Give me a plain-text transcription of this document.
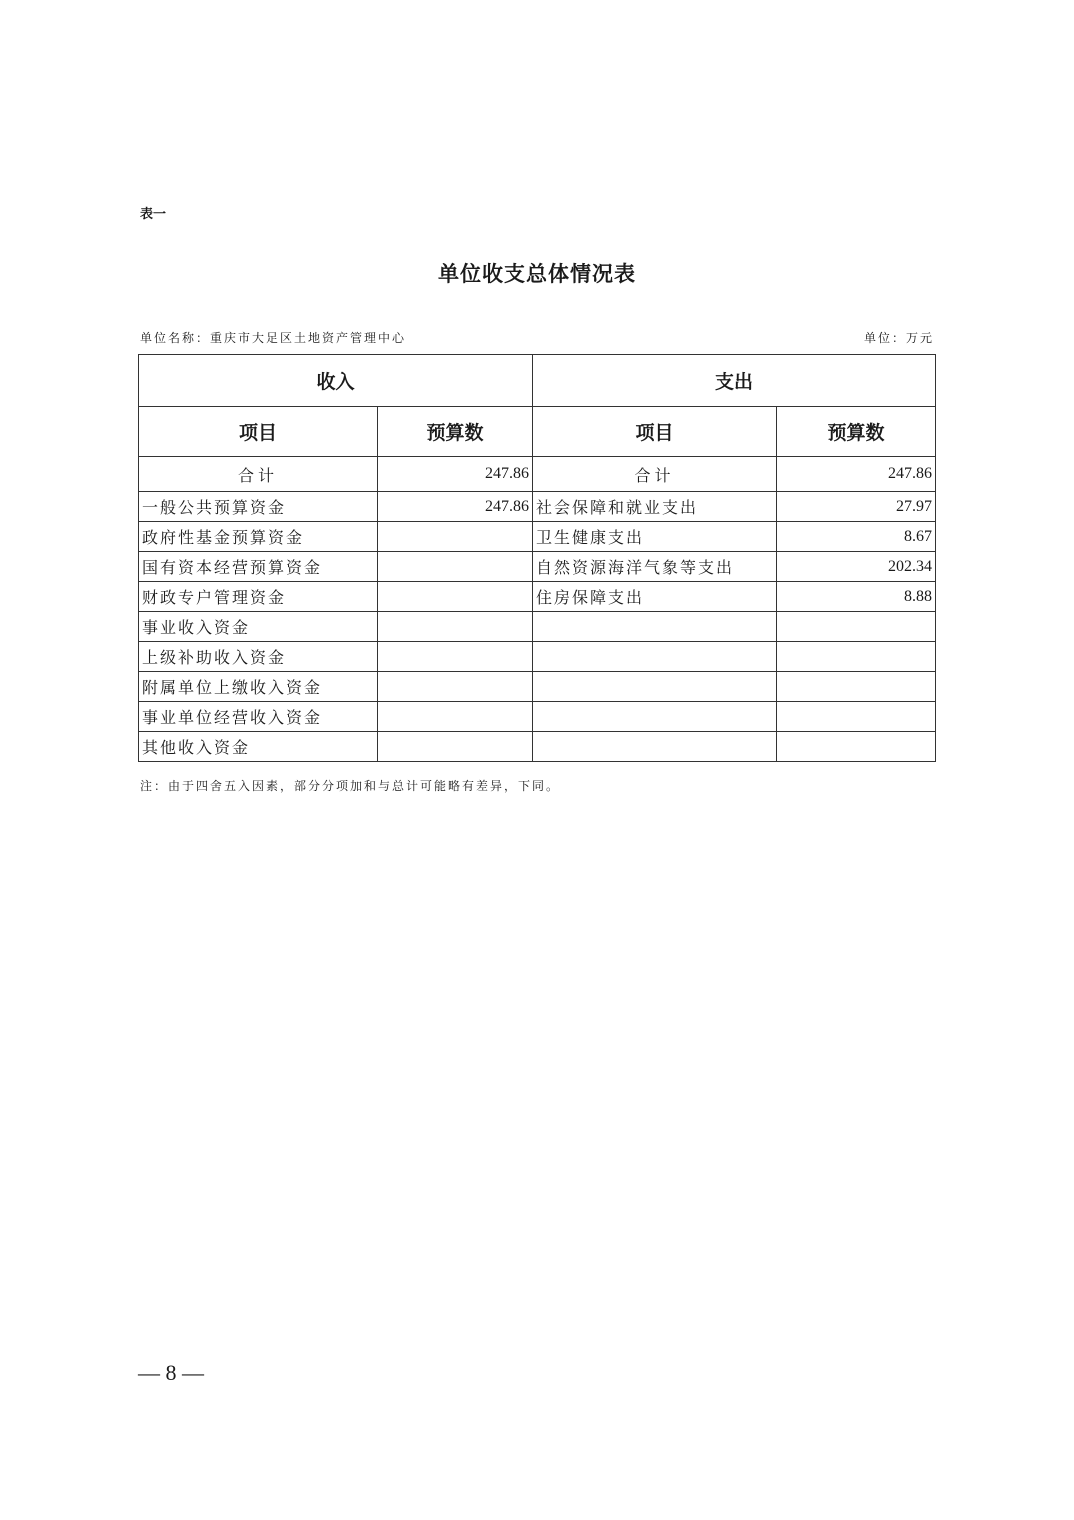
表一
单位收支总体情况表
单位名称：重庆市大足区土地资产管理中心	单位：万元
收入		支出	
项目	预算数	项目	预算数
合计	247.86	合计	247.86
一般公共预算资金	247.86	社会保障和就业支出	27.97
政府性基金预算资金		卫生健康支出	8.67
国有资本经营预算资金		自然资源海洋气象等支出	202.34
财政专户管理资金		住房保障支出	8.88
事业收入资金			
上级补助收入资金			
附属单位上缴收入资金			
事业单位经营收入资金			
其他收入资金			
注：由于四舍五入因素，部分分项加和与总计可能略有差异，下同。
— 8 —
